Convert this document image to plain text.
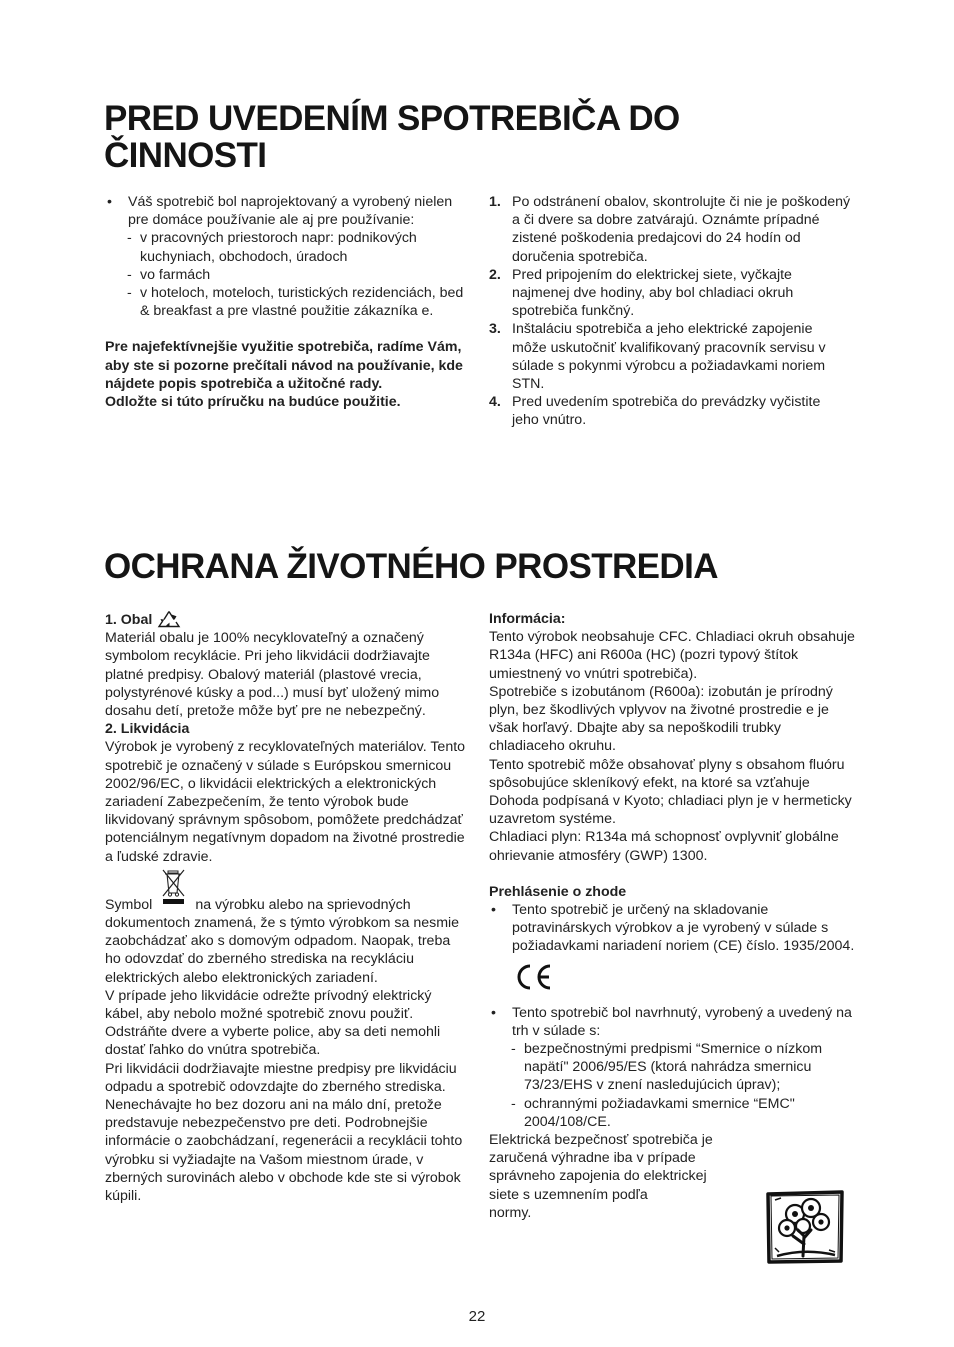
PRED UVEDENÍM SPOTREBIČA DO
ČINNOSTI
• Váš spotrebič bol naprojektovaný a vyrobený nielen pre domáce používanie ale aj pre používanie:

- v pracovných priestoroch napr: podnikových kuchyniach, obchodoch, úradoch

- vo farmách

- v hoteloch, moteloch, turistických rezidenciách, bed & breakfast a pre vlastné použitie zákazníka e.

Pre najefektívnejšie využitie spotrebiča, radíme Vám, aby ste si pozorne prečítali návod na používanie, kde nájdete popis spotrebiča a užitočné rady.

Odložte si túto príručku na budúce použitie.

1. Po odstránení obalov, skontrolujte či nie je poškodený a či dvere sa dobre zatvárajú. Oznámte prípadné zistené poškodenia predajcovi do 24 hodín od doručenia spotrebiča.

2. Pred pripojením do elektrickej siete, vyčkajte najmenej dve hodiny, aby bol chladiaci okruh spotrebiča funkčný.

3. Inštaláciu spotrebiča a jeho elektrické zapojenie môže uskutočniť kvalifikovaný pracovník servisu v súlade s pokynmi výrobcu a požiadavkami noriem STN.

4. Pred uvedením spotrebiča do prevádzky vyčistite jeho vnútro.

OCHRANA ŽIVOTNÉHO PROSTREDIA

1. Obal

Materiál obalu je 100% necyklovateľný a označený symbolom recyklácie. Pri jeho likvidácii dodržiavajte platné predpisy. Obalový materiál (plastové vrecia, polystyrénové kúsky a pod...) musí byť uložený mimo dosahu detí, pretože môže byť pre ne nebezpečný.

2. Likvidácia

Výrobok je vyrobený z recyklovateľných materiálov. Tento spotrebič je označený v súlade s Európskou smernicou 2002/96/EC, o likvidácii elektrických a elektronických zariadení Zabezpečením, že tento výrobok bude likvidovaný správnym spôsobom, pomôžete predchádzať potenciálnym negatívnym dopadom na životné prostredie a ľudské zdravie.

Symbol	na výrobku alebo na sprievodných dokumentoch znamená, že s týmto výrobkom sa nesmie zaobchádzať ako s domovým odpadom. Naopak, treba ho odovzdať do zberného strediska na recykláciu elektrických alebo elektronických zariadení.

V prípade jeho likvidácie odrežte prívodný elektrický kábel, aby nebolo možné spotrebič znovu použiť. Odstráňte dvere a vyberte police, aby sa deti nemohli dostať ľahko do vnútra spotrebiča.

Pri likvidácii dodržiavajte miestne predpisy pre likvidáciu odpadu a spotrebič odovzdajte do zberného strediska. Nenechávajte ho bez dozoru ani na málo dní, pretože predstavuje nebezpečenstvo pre deti. Podrobnejšie informácie o zaobchádzaní, regenerácii a recyklácii tohto výrobku si vyžiadajte na Vašom miestnom úrade, v zberných surovinách alebo v obchode kde ste si výrobok kúpili.

Informácia:

Tento výrobok neobsahuje CFC. Chladiaci okruh obsahuje R134a (HFC) ani R600a (HC) (pozri typový štítok umiestnený vo vnútri spotrebiča).

Spotrebiče s izobutánom (R600a): izobután je prírodný plyn, bez škodlivých vplyvov na životné prostredie e je však horľavý. Dbajte aby sa nepoškodili trubky chladiaceho okruhu.

Tento spotrebič môže obsahovať plyny s obsahom fluóru spôsobujúce skleníkový efekt, na ktoré sa vzťahuje Dohoda podpísaná v Kyoto; chladiaci plyn je v hermeticky uzavretom systéme.

Chladiaci plyn: R134a má schopnosť ovplyvniť globálne ohrievanie atmosféry (GWP) 1300.

Prehlásenie o zhode

• Tento spotrebič je určený na skladovanie potravinárskych výrobkov a je vyrobený v súlade s požiadavkami nariadení noriem (CE) číslo. 1935/2004.

• Tento spotrebič bol navrhnutý, vyrobený a uvedený na trh v súlade s:

- bezpečnostnými predpismi “Smernice o nízkom napätí" 2006/95/ES (ktorá nahrádza smernicu 73/23/EHS v znení nasledujúcich úprav);

- ochrannými požiadavkami smernice “EMC" 2004/108/CE.

Elektrická bezpečnosť spotrebiča je zaručená výhradne iba v prípade správneho zapojenia do elektrickej siete s uzemnením podľa

normy.

22
